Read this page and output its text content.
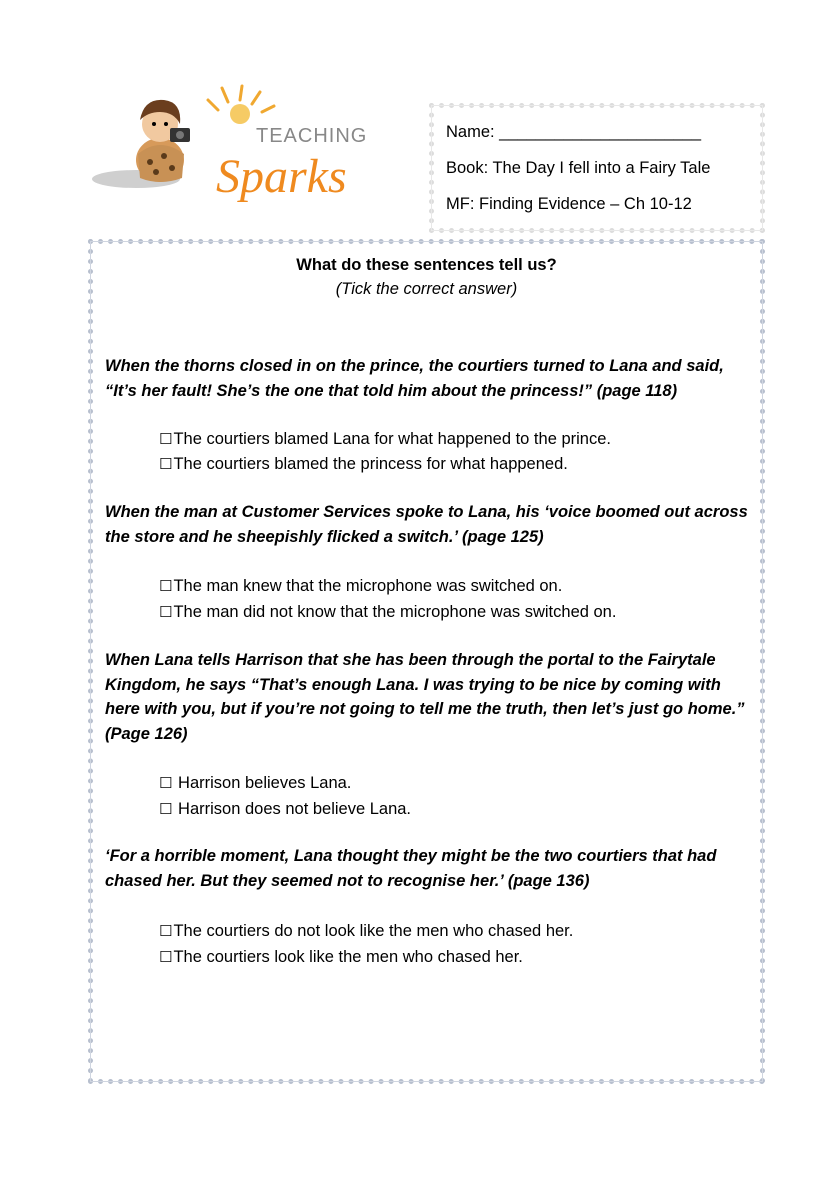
TEACHING
Sparks
Name: ______________________
Book: The Day I fell into a Fairy Tale
MF: Finding Evidence – Ch 10-12
What do these sentences tell us?
(Tick the correct answer)
When the thorns closed in on the prince, the courtiers turned to Lana and said, “It’s her fault! She’s the one that told him about the princess!” (page 118)
☐The courtiers blamed Lana for what happened to the prince.
☐The courtiers blamed the princess for what happened.
When the man at Customer Services spoke to Lana, his ‘voice boomed out across the store and he sheepishly flicked a switch.’ (page 125)
☐The man knew that the microphone was switched on.
☐The man did not know that the microphone was switched on.
When Lana tells Harrison that she has been through the portal to the Fairytale Kingdom, he says “That’s enough Lana. I was trying to be nice by coming with here with you, but if you’re not going to tell me the truth, then let’s just go home.” (Page 126)
☐ Harrison believes Lana.
☐ Harrison does not believe Lana.
‘For a horrible moment, Lana thought they might be the two courtiers that had chased her. But they seemed not to recognise her.’ (page 136)
☐The courtiers do not look like the men who chased her.
☐The courtiers look like the men who chased her.
